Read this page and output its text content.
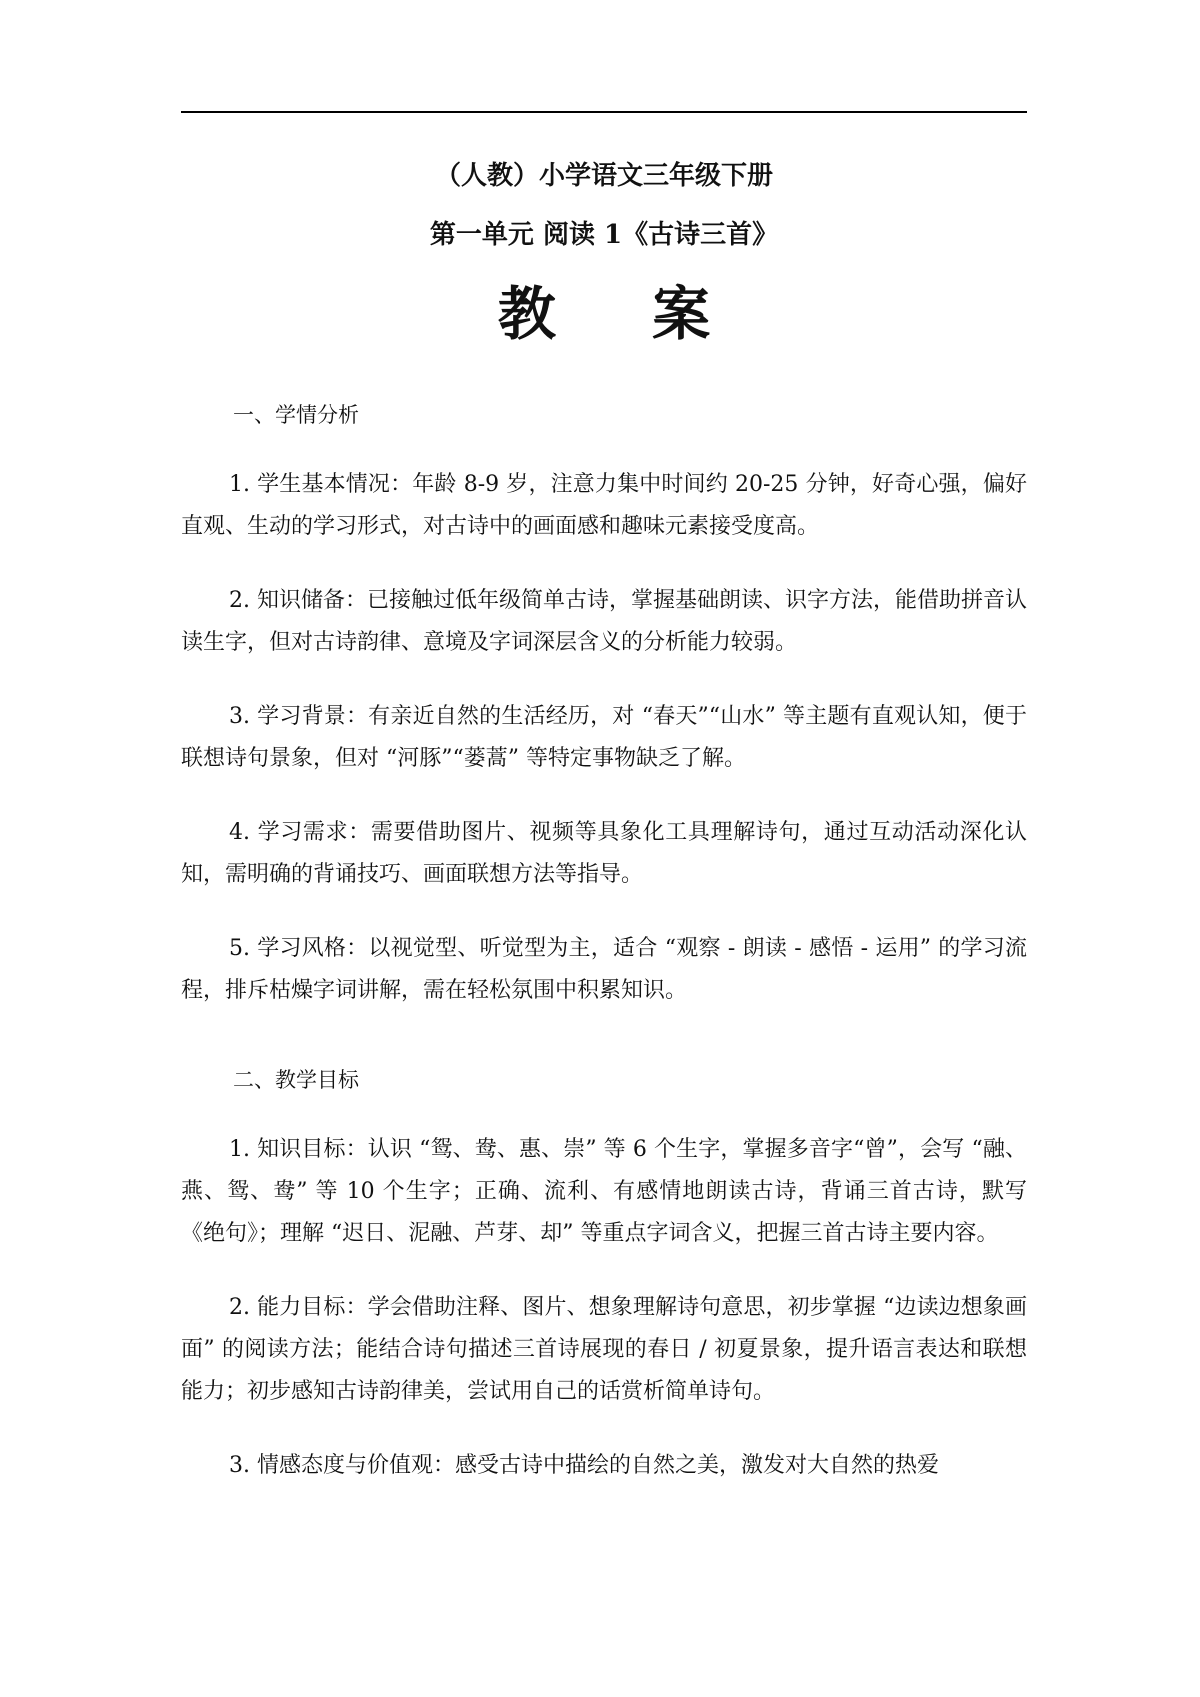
（人教）小学语文三年级下册

第一单元 阅读 1《古诗三首》

教 案

一、学情分析

1. 学生基本情况：年龄 8-9 岁，注意力集中时间约 20-25 分钟，好奇心强，偏好直观、生动的学习形式，对古诗中的画面感和趣味元素接受度高。

2. 知识储备：已接触过低年级简单古诗，掌握基础朗读、识字方法，能借助拼音认读生字，但对古诗韵律、意境及字词深层含义的分析能力较弱。

3. 学习背景：有亲近自然的生活经历，对 “春天”“山水” 等主题有直观认知，便于联想诗句景象，但对 “河豚”“蒌蒿” 等特定事物缺乏了解。

4. 学习需求：需要借助图片、视频等具象化工具理解诗句，通过互动活动深化认知，需明确的背诵技巧、画面联想方法等指导。

5. 学习风格：以视觉型、听觉型为主，适合 “观察 - 朗读 - 感悟 - 运用” 的学习流程，排斥枯燥字词讲解，需在轻松氛围中积累知识。

二、教学目标

1. 知识目标：认识 “鸳、鸯、惠、崇” 等 6 个生字，掌握多音字“曾”，会写 “融、燕、鸳、鸯” 等 10 个生字；正确、流利、有感情地朗读古诗，背诵三首古诗，默写《绝句》；理解 “迟日、泥融、芦芽、却” 等重点字词含义，把握三首古诗主要内容。

2. 能力目标：学会借助注释、图片、想象理解诗句意思，初步掌握 “边读边想象画面” 的阅读方法；能结合诗句描述三首诗展现的春日 / 初夏景象，提升语言表达和联想能力；初步感知古诗韵律美，尝试用自己的话赏析简单诗句。

3. 情感态度与价值观：感受古诗中描绘的自然之美，激发对大自然的热爱
